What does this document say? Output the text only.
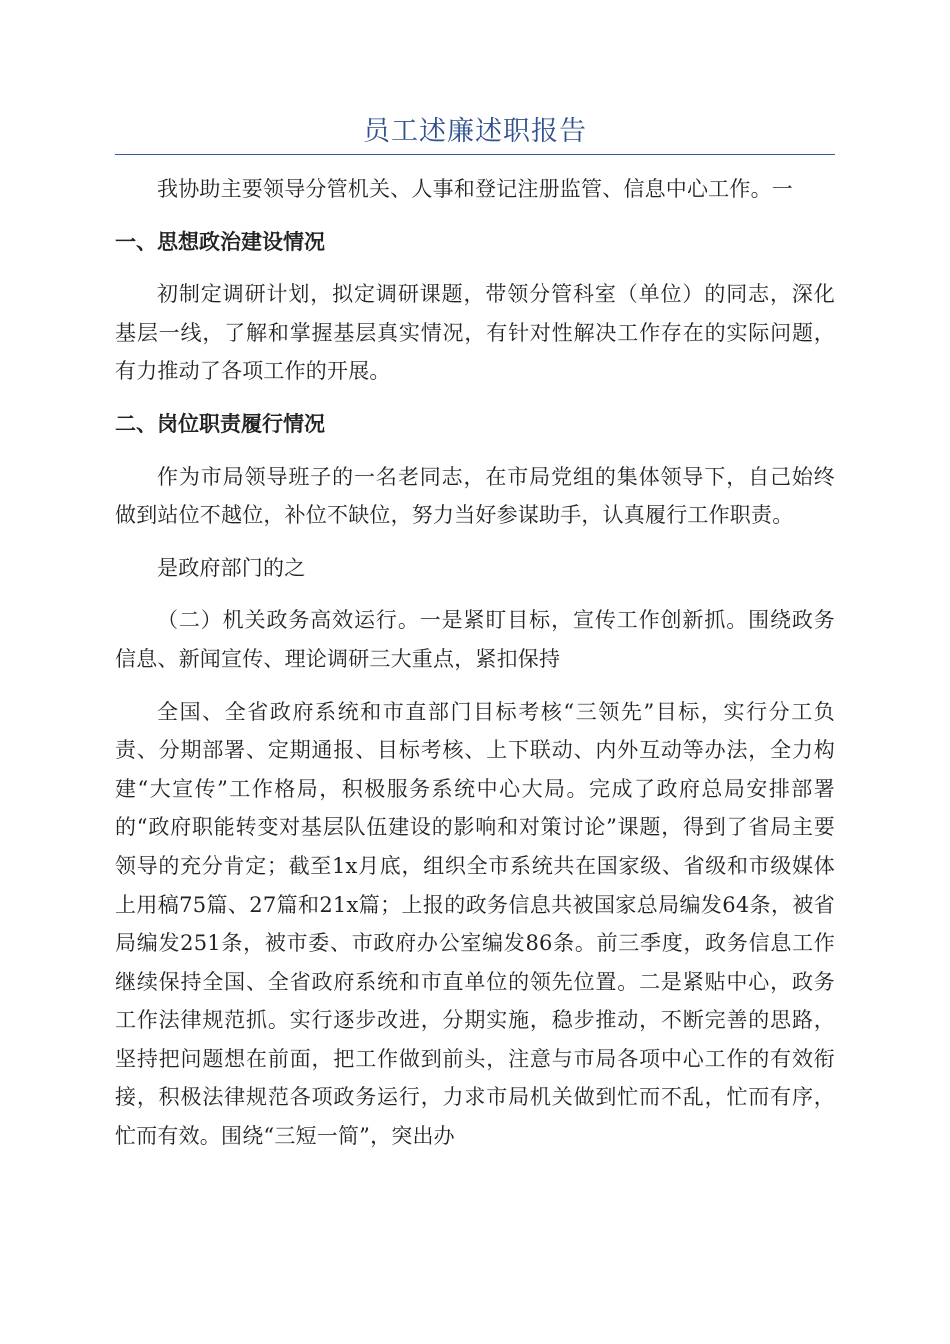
员工述廉述职报告

我协助主要领导分管机关、人事和登记注册监管、信息中心工作。一

一、思想政治建设情况

初制定调研计划，拟定调研课题，带领分管科室（单位）的同志，深化基层一线，了解和掌握基层真实情况，有针对性解决工作存在的实际问题，有力推动了各项工作的开展。

二、岗位职责履行情况

作为市局领导班子的一名老同志，在市局党组的集体领导下，自己始终做到站位不越位，补位不缺位，努力当好参谋助手，认真履行工作职责。

是政府部门的之

（二）机关政务高效运行。一是紧盯目标，宣传工作创新抓。围绕政务信息、新闻宣传、理论调研三大重点，紧扣保持

全国、全省政府系统和市直部门目标考核“三领先”目标，实行分工负责、分期部署、定期通报、目标考核、上下联动、内外互动等办法，全力构建“大宣传”工作格局，积极服务系统中心大局。完成了政府总局安排部署的“政府职能转变对基层队伍建设的影响和对策讨论”课题，得到了省局主要领导的充分肯定；截至1x月底，组织全市系统共在国家级、省级和市级媒体上用稿75篇、27篇和21x篇；上报的政务信息共被国家总局编发64条，被省局编发251条，被市委、市政府办公室编发86条。前三季度，政务信息工作继续保持全国、全省政府系统和市直单位的领先位置。二是紧贴中心，政务工作法律规范抓。实行逐步改进，分期实施，稳步推动，不断完善的思路，坚持把问题想在前面，把工作做到前头，注意与市局各项中心工作的有效衔接，积极法律规范各项政务运行，力求市局机关做到忙而不乱，忙而有序，忙而有效。围绕“三短一简”，突出办
